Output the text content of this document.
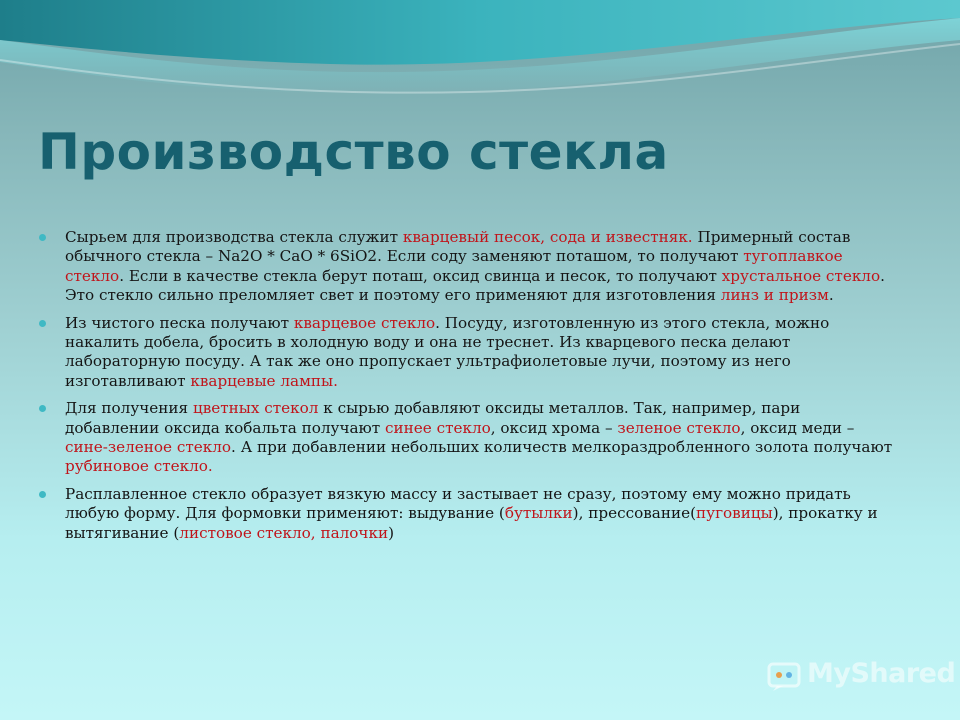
Производство стекла
Сырьем для производства стекла служит кварцевый песок, сода и известняк. Примерный состав обычного стекла – Na2O * CaO * 6SiO2. Если соду заменяют поташом, то получают тугоплавкое стекло. Если в качестве стекла берут поташ, оксид свинца и песок, то получают хрустальное стекло. Это стекло сильно преломляет свет и поэтому его применяют для изготовления линз и призм.
Из чистого песка получают кварцевое стекло. Посуду, изготовленную из этого стекла, можно накалить добела, бросить в холодную воду и она не треснет. Из кварцевого песка делают лабораторную посуду. А так же оно пропускает ультрафиолетовые лучи, поэтому из него изготавливают кварцевые лампы.
Для получения цветных стекол к сырью добавляют оксиды металлов. Так, например, пари добавлении оксида кобальта получают синее стекло, оксид хрома – зеленое стекло, оксид меди – сине-зеленое стекло. А при добавлении небольших количеств мелкораздробленного золота получают рубиновое стекло.
Расплавленное стекло образует вязкую массу и застывает не сразу, поэтому ему можно придать любую форму. Для формовки применяют: выдувание (бутылки), прессование(пуговицы), прокатку и вытягивание (листовое стекло, палочки)
MyShared
